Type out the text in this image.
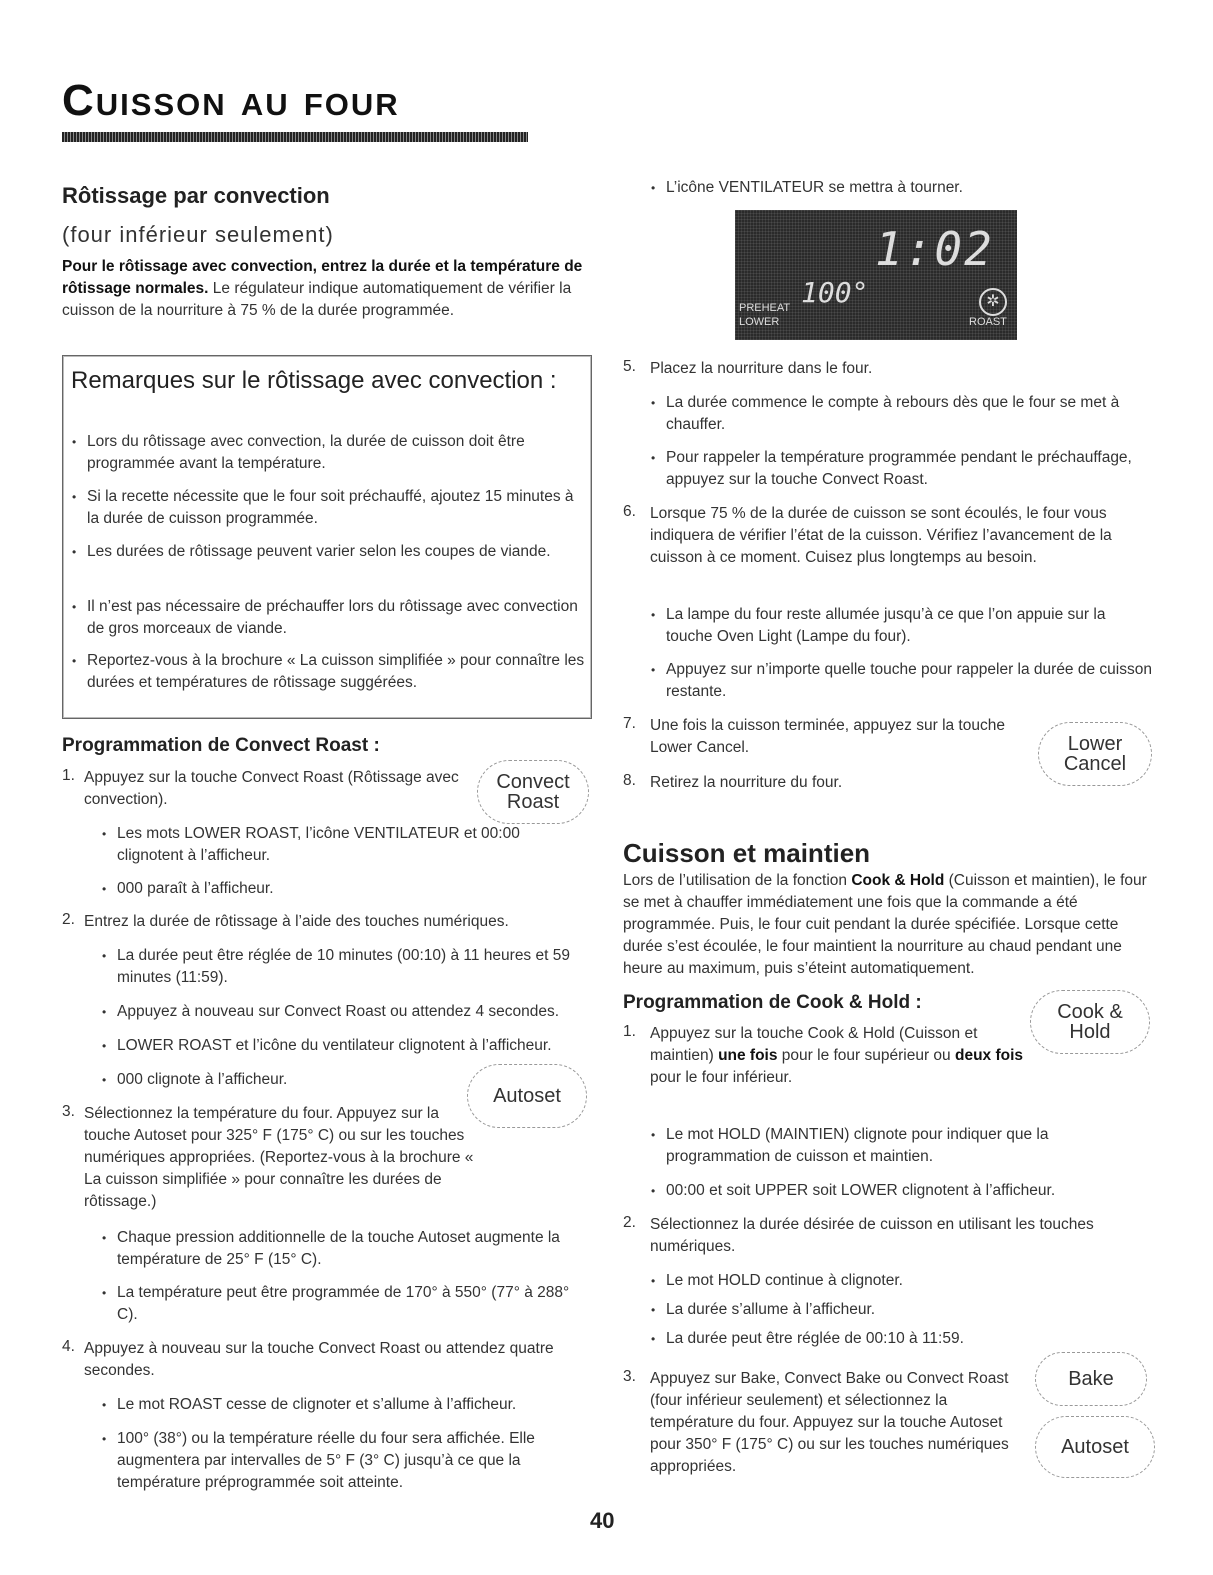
Cuisson au four
Rôtissage par convection
(four inférieur seulement)

Pour le rôtissage avec convection, entrez la durée et la température de rôtissage normales. Le régulateur indique automatiquement de vérifier la cuisson de la nourriture à 75 % de la durée programmée.

Remarques sur le rôtissage avec convection :
• Lors du rôtissage avec convection, la durée de cuisson doit être programmée avant la température.
• Si la recette nécessite que le four soit préchauffé, ajoutez 15 minutes à la durée de cuisson programmée.
• Les durées de rôtissage peuvent varier selon les coupes de viande.
• Il n’est pas nécessaire de préchauffer lors du rôtissage avec convection de gros morceaux de viande.
• Reportez-vous à la brochure « La cuisson simplifiée » pour connaître les durées et températures de rôtissage suggérées.
Programmation de Convect Roast :
1. Appuyez sur la touche Convect Roast (Rôtissage avec convection).
Convect
Roast
• Les mots LOWER ROAST, l’icône VENTILATEUR et 00:00 clignotent à l’afficheur.
• 000 paraît à l’afficheur.
2. Entrez la durée de rôtissage à l’aide des touches numériques.
• La durée peut être réglée de 10 minutes (00:10) à 11 heures et 59 minutes (11:59).
• Appuyez à nouveau sur Convect Roast ou attendez 4 secondes.
• LOWER ROAST et l’icône du ventilateur clignotent à l’afficheur.
• 000 clignote à l’afficheur.
3. Sélectionnez la température du four. Appuyez sur la touche Autoset pour 325° F (175° C) ou sur les touches numériques appropriées. (Reportez-vous à la brochure « La cuisson simplifiée » pour connaître les durées de rôtissage.)
Autoset
• Chaque pression additionnelle de la touche Autoset augmente la température de 25° F (15° C).
• La température peut être programmée de 170° à 550° (77° à 288° C).
4. Appuyez à nouveau sur la touche Convect Roast ou attendez quatre secondes.
• Le mot ROAST cesse de clignoter et s’allume à l’afficheur.
• 100° (38°) ou la température réelle du four sera affichée. Elle augmentera par intervalles de 5° F (3° C) jusqu’à ce que la température préprogrammée soit atteinte.
• L’icône VENTILATEUR se mettra à tourner.
1:02
100°
PREHEAT
LOWER	ROAST
✲
5. Placez la nourriture dans le four.
• La durée commence le compte à rebours dès que le four se met à chauffer.
• Pour rappeler la température programmée pendant le préchauffage, appuyez sur la touche Convect Roast.
6. Lorsque 75 % de la durée de cuisson se sont écoulés, le four vous indiquera de vérifier l’état de la cuisson. Vérifiez l’avancement de la cuisson à ce moment. Cuisez plus longtemps au besoin.
• La lampe du four reste allumée jusqu’à ce que l’on appuie sur la touche Oven Light (Lampe du four).
• Appuyez sur n’importe quelle touche pour rappeler la durée de cuisson restante.
7. Une fois la cuisson terminée, appuyez sur la touche Lower Cancel.	Lower
Cancel
8. Retirez la nourriture du four.
Cuisson et maintien

Lors de l’utilisation de la fonction Cook & Hold (Cuisson et maintien), le four se met à chauffer immédiatement une fois que la commande a été programmée. Puis, le four cuit pendant la durée spécifiée. Lorsque cette durée s’est écoulée, le four maintient la nourriture au chaud pendant une heure au maximum, puis s’éteint automatiquement.

Programmation de Cook & Hold :	Cook &
Hold
1. Appuyez sur la touche Cook & Hold (Cuisson et maintien) une fois pour le four supérieur ou deux fois pour le four inférieur.
• Le mot HOLD (MAINTIEN) clignote pour indiquer que la programmation de cuisson et maintien.
• 00:00 et soit UPPER soit LOWER clignotent à l’afficheur.
2. Sélectionnez la durée désirée de cuisson en utilisant les touches numériques.
• Le mot HOLD continue à clignoter.
• La durée s’allume à l’afficheur.
• La durée peut être réglée de 00:10 à 11:59.
3. Appuyez sur Bake, Convect Bake ou Convect Roast (four inférieur seulement) et sélectionnez la température du four. Appuyez sur la touche Autoset pour 350° F (175° C) ou sur les touches numériques appropriées.
Bake
Autoset
40
